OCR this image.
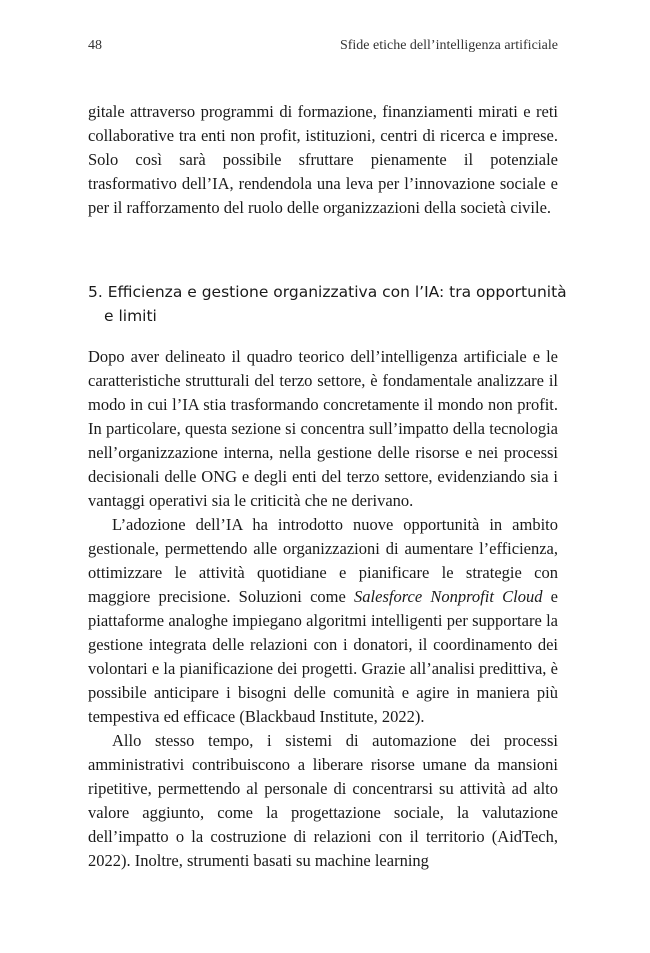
48	Sfide etiche dell’intelligenza artificiale

gitale attraverso programmi di formazione, finanziamenti mirati e reti collaborative tra enti non profit, istituzioni, centri di ricerca e imprese. Solo così sarà possibile sfruttare pienamente il potenziale trasformativo dell’IA, rendendola una leva per l’innovazione sociale e per il rafforzamento del ruolo delle organizzazioni della società civile.

5. Efficienza e gestione organizzativa con l’IA: tra opportunità e limiti

Dopo aver delineato il quadro teorico dell’intelligenza artificiale e le caratteristiche strutturali del terzo settore, è fondamentale analizzare il modo in cui l’IA stia trasformando concretamente il mondo non profit. In particolare, questa sezione si concentra sull’impatto della tecnologia nell’organizzazione interna, nella gestione delle risorse e nei processi decisionali delle ONG e degli enti del terzo settore, evidenziando sia i vantaggi operativi sia le criticità che ne derivano.

L’adozione dell’IA ha introdotto nuove opportunità in ambito gestionale, permettendo alle organizzazioni di aumentare l’efficienza, ottimizzare le attività quotidiane e pianificare le strategie con maggiore precisione. Soluzioni come Salesforce Nonprofit Cloud e piattaforme analoghe impiegano algoritmi intelligenti per supportare la gestione integrata delle relazioni con i donatori, il coordinamento dei volontari e la pianificazione dei progetti. Grazie all’analisi predittiva, è possibile anticipare i bisogni delle comunità e agire in maniera più tempestiva ed efficace (Blackbaud Institute, 2022).

Allo stesso tempo, i sistemi di automazione dei processi amministrativi contribuiscono a liberare risorse umane da mansioni ripetitive, permettendo al personale di concentrarsi su attività ad alto valore aggiunto, come la progettazione sociale, la valutazione dell’impatto o la costruzione di relazioni con il territorio (AidTech, 2022). Inoltre, strumenti basati su machine learning
